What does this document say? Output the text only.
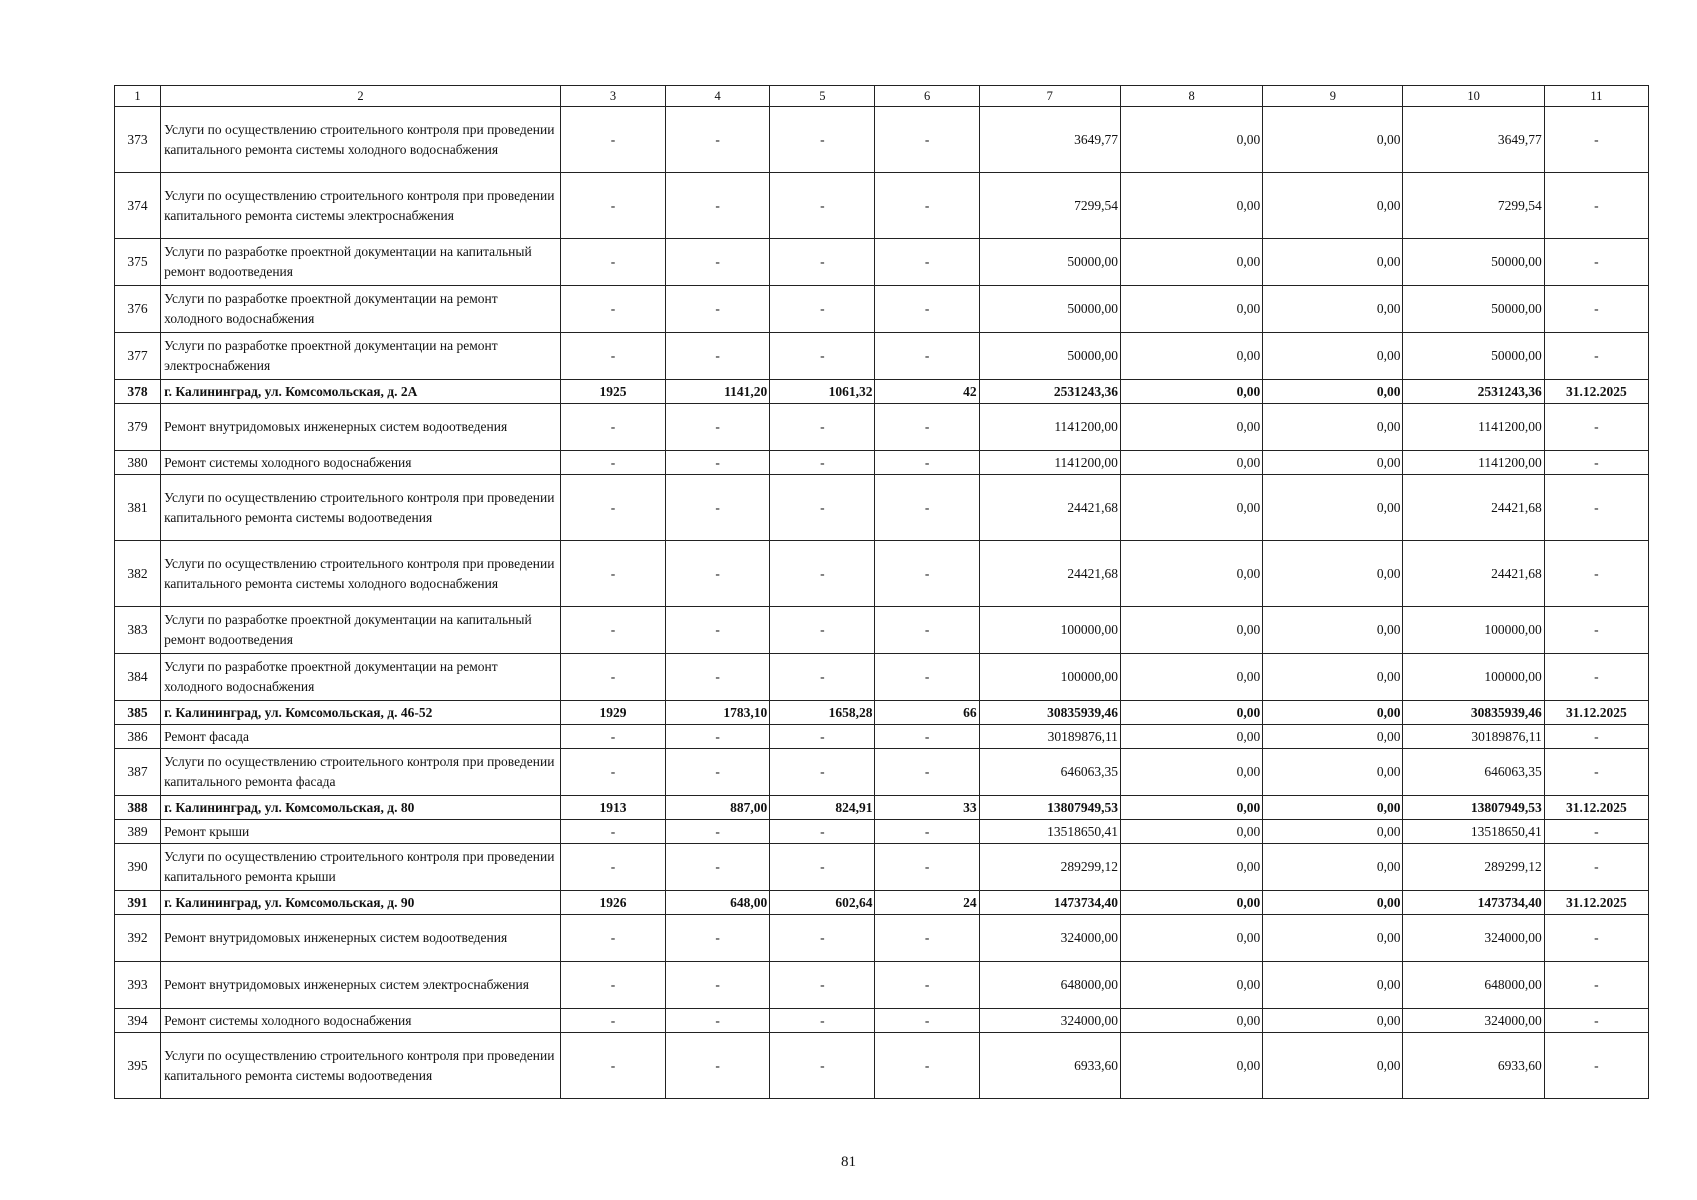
1	2	3	4	5	6	7	8	9	10	11
373	Услуги по осуществлению строительного контроля при проведении капитального ремонта системы холодного водоснабжения	-	-	-	-	3649,77	0,00	0,00	3649,77	-
374	Услуги по осуществлению строительного контроля при проведении капитального ремонта системы электроснабжения	-	-	-	-	7299,54	0,00	0,00	7299,54	-
375	Услуги по разработке проектной документации на капитальный ремонт водоотведения	-	-	-	-	50000,00	0,00	0,00	50000,00	-
376	Услуги по разработке проектной документации на ремонт холодного водоснабжения	-	-	-	-	50000,00	0,00	0,00	50000,00	-
377	Услуги по разработке проектной документации на ремонт электроснабжения	-	-	-	-	50000,00	0,00	0,00	50000,00	-
378	г. Калининград, ул. Комсомольская, д. 2А	1925	1141,20	1061,32	42	2531243,36	0,00	0,00	2531243,36	31.12.2025
379	Ремонт внутридомовых инженерных систем водоотведения	-	-	-	-	1141200,00	0,00	0,00	1141200,00	-
380	Ремонт системы холодного водоснабжения	-	-	-	-	1141200,00	0,00	0,00	1141200,00	-
381	Услуги по осуществлению строительного контроля при проведении капитального ремонта системы водоотведения	-	-	-	-	24421,68	0,00	0,00	24421,68	-
382	Услуги по осуществлению строительного контроля при проведении капитального ремонта системы холодного водоснабжения	-	-	-	-	24421,68	0,00	0,00	24421,68	-
383	Услуги по разработке проектной документации на капитальный ремонт водоотведения	-	-	-	-	100000,00	0,00	0,00	100000,00	-
384	Услуги по разработке проектной документации на ремонт холодного водоснабжения	-	-	-	-	100000,00	0,00	0,00	100000,00	-
385	г. Калининград, ул. Комсомольская, д. 46-52	1929	1783,10	1658,28	66	30835939,46	0,00	0,00	30835939,46	31.12.2025
386	Ремонт фасада	-	-	-	-	30189876,11	0,00	0,00	30189876,11	-
387	Услуги по осуществлению строительного контроля при проведении капитального ремонта фасада	-	-	-	-	646063,35	0,00	0,00	646063,35	-
388	г. Калининград, ул. Комсомольская, д. 80	1913	887,00	824,91	33	13807949,53	0,00	0,00	13807949,53	31.12.2025
389	Ремонт крыши	-	-	-	-	13518650,41	0,00	0,00	13518650,41	-
390	Услуги по осуществлению строительного контроля при проведении капитального ремонта крыши	-	-	-	-	289299,12	0,00	0,00	289299,12	-
391	г. Калининград, ул. Комсомольская, д. 90	1926	648,00	602,64	24	1473734,40	0,00	0,00	1473734,40	31.12.2025
392	Ремонт внутридомовых инженерных систем водоотведения	-	-	-	-	324000,00	0,00	0,00	324000,00	-
393	Ремонт внутридомовых инженерных систем электроснабжения	-	-	-	-	648000,00	0,00	0,00	648000,00	-
394	Ремонт системы холодного водоснабжения	-	-	-	-	324000,00	0,00	0,00	324000,00	-
395	Услуги по осуществлению строительного контроля при проведении капитального ремонта системы водоотведения	-	-	-	-	6933,60	0,00	0,00	6933,60	-
81
